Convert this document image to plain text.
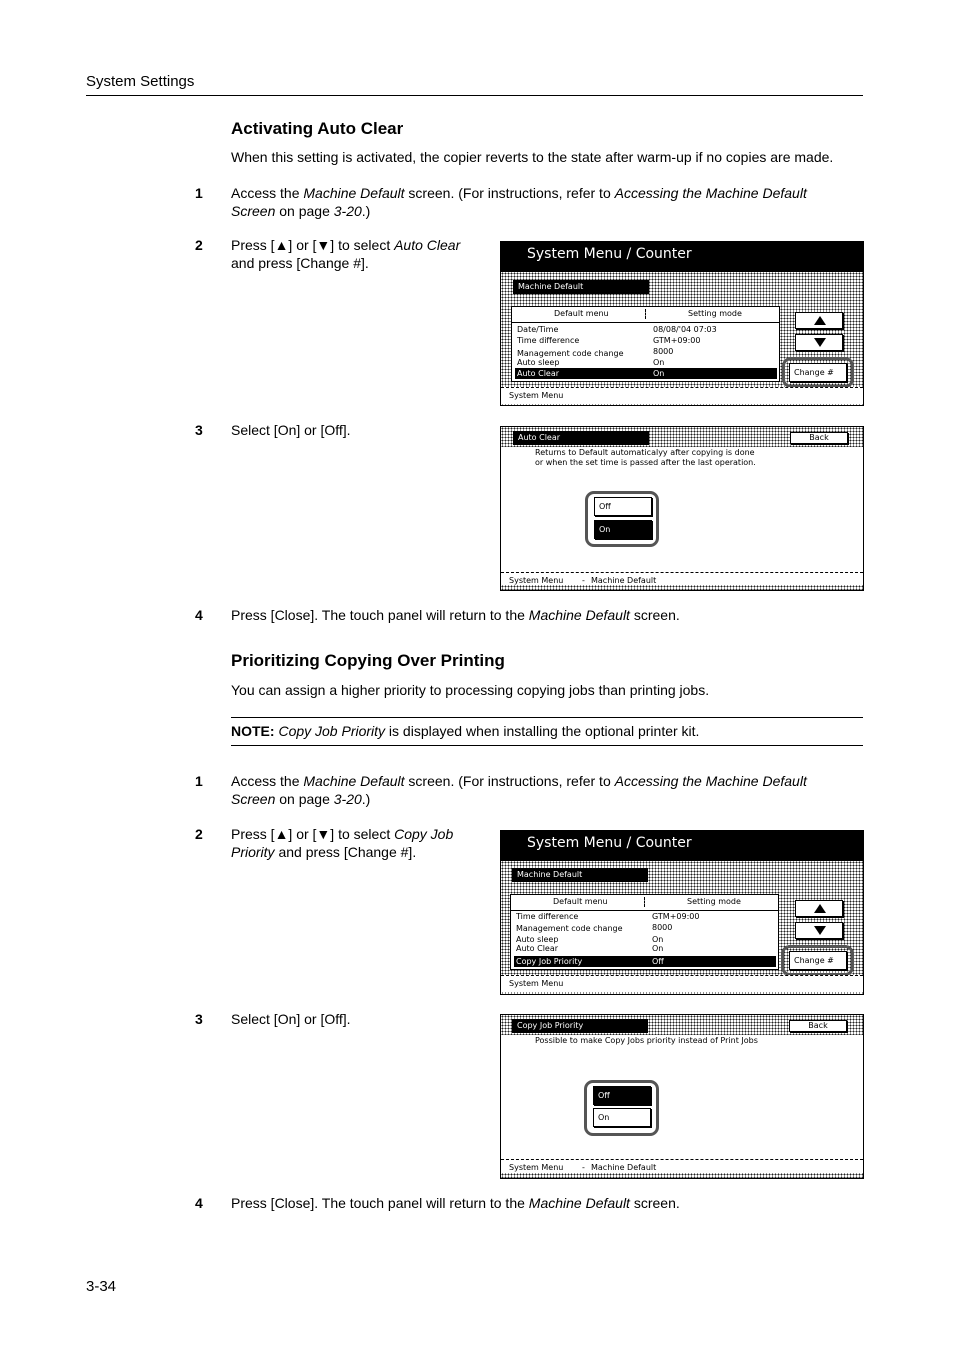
System Settings
Activating Auto Clear
When this setting is activated, the copier reverts to the state after warm-up if no copies are made.
1 Access the Machine Default screen. (For instructions, refer to Accessing the Machine Default
Screen on page 3-20.)
2 Press [▲] or [▼] to select Auto Clear
and press [Change #].
System Menu / Counter
Machine Default
Default menu	Setting mode
Date/Time	08/08/'04 07:03
Time difference	GTM+09:00
Management code change	8000
Auto sleep	On
Auto Clear	On	Change #
System Menu
3 Select [On] or [Off].	Auto Clear	Back
Returns to Default automaticalyy after copying is done
or when the set time is passed after the last operation.
Off
On
System Menu - Machine Default
4 Press [Close]. The touch panel will return to the Machine Default screen.
Prioritizing Copying Over Printing
You can assign a higher priority to processing copying jobs than printing jobs.
NOTE: Copy Job Priority is displayed when installing the optional printer kit.
1 Access the Machine Default screen. (For instructions, refer to Accessing the Machine Default
Screen on page 3-20.)
2 Press [▲] or [▼] to select Copy Job
Priority and press [Change #].
System Menu / Counter
Machine Default
Default menu	Setting mode
Time difference	GTM+09:00
Management code change	8000
Auto sleep	On
Auto Clear	On
Copy Job Priority	Off	Change #
System Menu
3 Select [On] or [Off].	Copy Job Priority	Back
Possible to make Copy Jobs priority instead of Print Jobs
Off
On
System Menu - Machine Default
4 Press [Close]. The touch panel will return to the Machine Default screen.
3-34
